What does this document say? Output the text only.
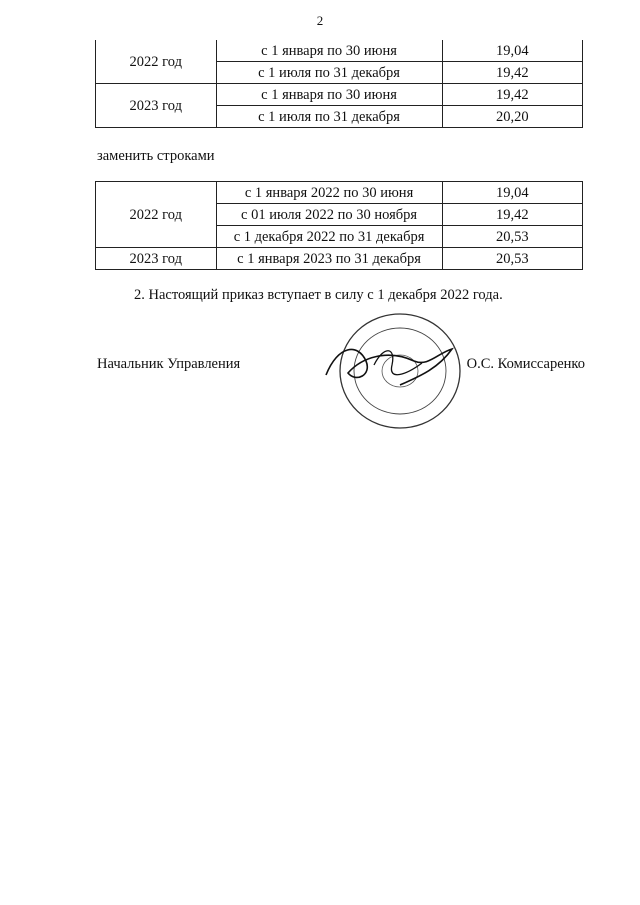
2
2022 год	с 1 января по 30 июня	19,04
	с 1 июля по 31 декабря	19,42
2023 год	с 1 января по 30 июня	19,42
	с 1 июля по 31 декабря	20,20
заменить строками
2022 год	с 1 января 2022 по 30 июня	19,04
	с 01 июля 2022 по 30 ноября	19,42
	с 1 декабря 2022 по 31 декабря	20,53
2023 год	с 1 января 2023 по 31 декабря	20,53
2. Настоящий приказ вступает в силу с 1 декабря 2022 года.
Начальник Управления	О.С. Комиссаренко
